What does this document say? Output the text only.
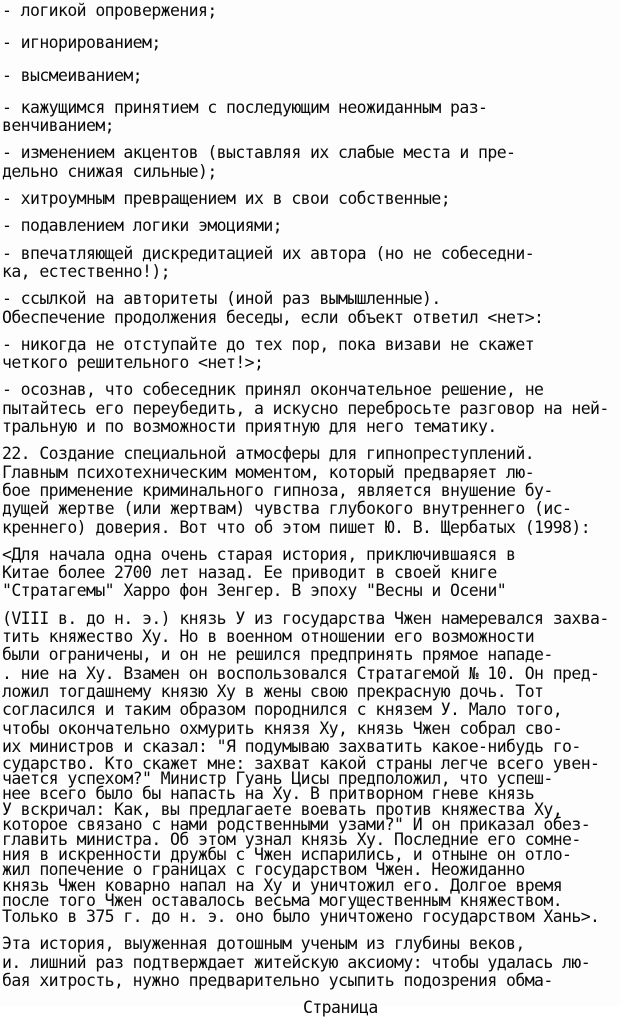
- логикой опровержения;
- игнорированием;
- высмеиванием;
- кажущимся принятием с последующим неожиданным раз-
венчиванием;
- изменением акцентов (выставляя их слабые места и пре-
дельно снижая сильные);
- хитроумным превращением их в свои собственные;
- подавлением логики эмоциями;
- впечатляющей дискредитацией их автора (но не собеседни-
ка, естественно!);
- ссылкой на авторитеты (иной раз вымышленные).
Обеспечение продолжения беседы, если объект ответил <нет>:
- никогда не отступайте до тех пор, пока визави не скажет
четкого решительного <нет!>;
- осознав, что собеседник принял окончательное решение, не
пытайтесь его переубедить, а искусно перебросьте разговор на ней-
тральную и по возможности приятную для него тематику.
22. Создание специальной атмосферы для гипнопреступлений.
Главным психотехническим моментом, который предваряет лю-
бое применение криминального гипноза, является внушение бу-
дущей жертве (или жертвам) чувства глубокого внутреннего (ис-
креннего) доверия. Вот что об этом пишет Ю. В. Щербатых (1998):
<Для начала одна очень старая история, приключившаяся в
Китае более 2700 лет назад. Ее приводит в своей книге
"Стратагемы" Харро фон Зенгер. В эпоху "Весны и Осени"
(VIII в. до н. э.) князь У из государства Чжен намеревался захва-
тить княжество Ху. Но в военном отношении его возможности
были ограничены, и он не решился предпринять прямое нападе-
. ние на Ху. Взамен он воспользовался Стратагемой № 10. Он пред-
ложил тогдашнему князю Ху в жены свою прекрасную дочь. Тот
согласился и таким образом породнился с князем У. Мало того,
чтобы окончательно охмурить князя Ху, князь Чжен собрал сво-
их министров и сказал: "Я подумываю захватить какое-нибудь го-
сударство. Кто скажет мне: захват какой страны легче всего увен-
чается успехом?" Министр Гуань Цисы предположил, что успеш-
нее всего было бы напасть на Ху. В притворном гневе князь
У вскричал: Как, вы предлагаете воевать против княжества Ху,
которое связано с нами родственными узами?" И он приказал обез-
главить министра. Об этом узнал князь Ху. Последние его сомне-
ния в искренности дружбы с Чжен испарились, и отныне он отло-
жил попечение о границах с государством Чжен. Неожиданно
князь Чжен коварно напал на Ху и уничтожил его. Долгое время
после того Чжен оставалось весьма могущественным княжеством.
Только в 375 г. до н. э. оно было уничтожено государством Хань>.
Эта история, выуженная дотошным ученым из глубины веков,
и. лишний раз подтверждает житейскую аксиому: чтобы удалась лю-
бая хитрость, нужно предварительно усыпить подозрения обма-
Страница
